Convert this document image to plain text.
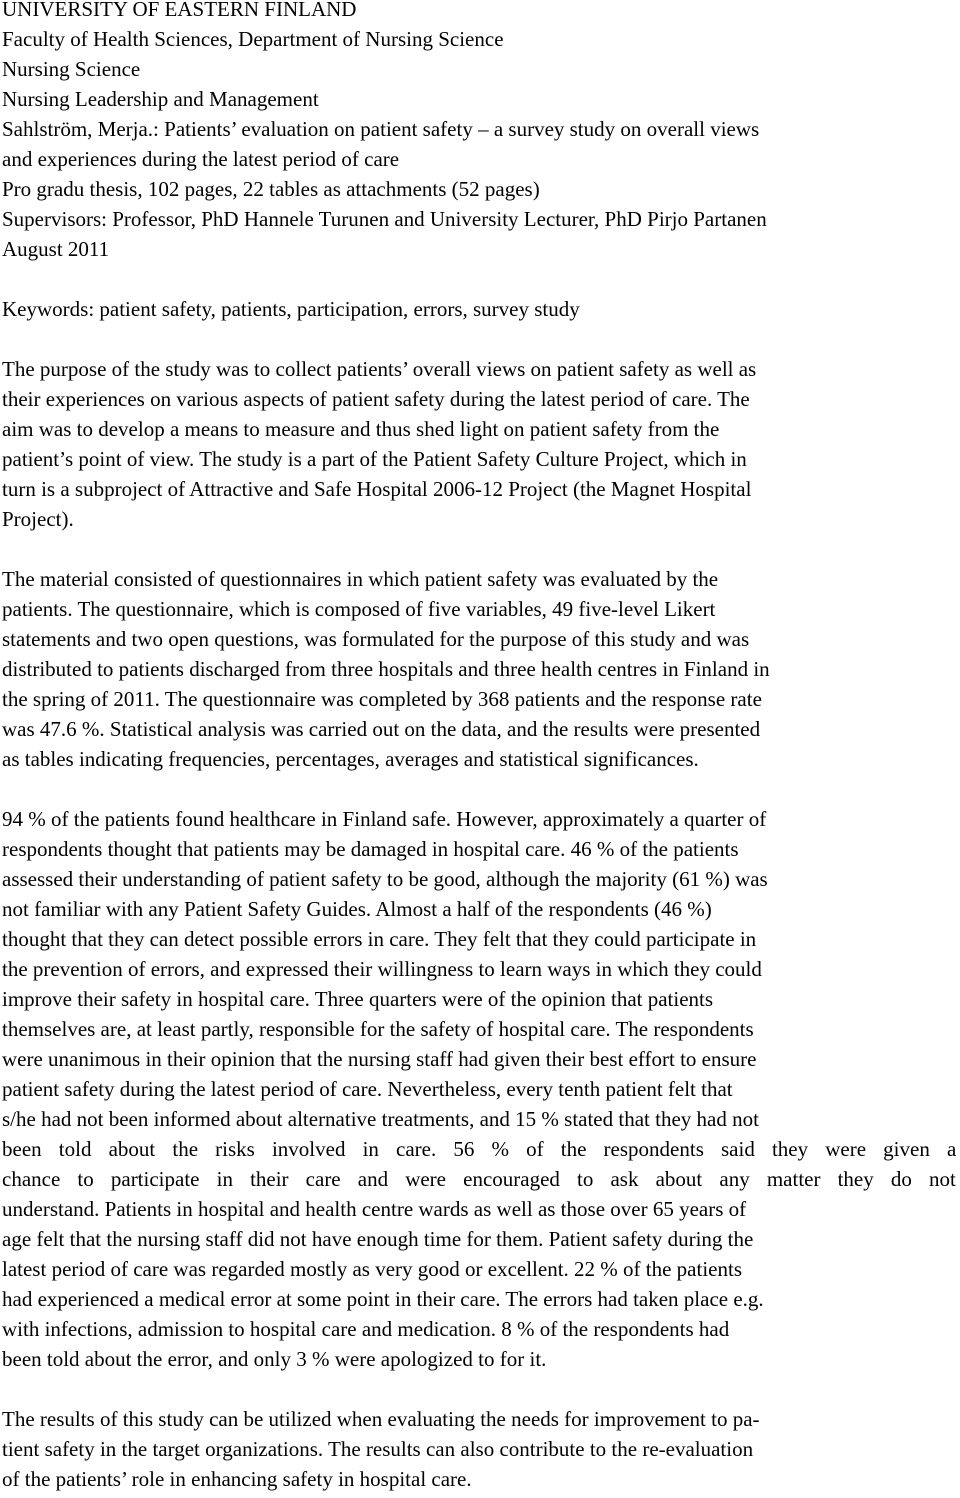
UNIVERSITY OF EASTERN FINLAND
Faculty of Health Sciences, Department of Nursing Science
Nursing Science
Nursing Leadership and Management
Sahlström, Merja.: Patients’ evaluation on patient safety – a survey study on overall views
and experiences during the latest period of care
Pro gradu thesis, 102 pages, 22 tables as attachments (52 pages)
Supervisors: Professor, PhD Hannele Turunen and University Lecturer, PhD Pirjo Partanen
August 2011
Keywords: patient safety, patients, participation, errors, survey study
The purpose of the study was to collect patients’ overall views on patient safety as well as
their experiences on various aspects of patient safety during the latest period of care. The
aim was to develop a means to measure and thus shed light on patient safety from the
patient’s point of view. The study is a part of the Patient Safety Culture Project, which in
turn is a subproject of Attractive and Safe Hospital 2006-12 Project (the Magnet Hospital
Project).
The material consisted of questionnaires in which patient safety was evaluated by the
patients. The questionnaire, which is composed of five variables, 49 five-level Likert
statements and two open questions, was formulated for the purpose of this study and was
distributed to patients discharged from three hospitals and three health centres in Finland in
the spring of 2011. The questionnaire was completed by 368 patients and the response rate
was 47.6 %. Statistical analysis was carried out on the data, and the results were presented
as tables indicating frequencies, percentages, averages and statistical significances.
94 % of the patients found healthcare in Finland safe. However, approximately a quarter of
respondents thought that patients may be damaged in hospital care. 46 % of the patients
assessed their understanding of patient safety to be good, although the majority (61 %) was
not familiar with any Patient Safety Guides. Almost a half of the respondents (46 %)
thought that they can detect possible errors in care. They felt that they could participate in
the prevention of errors, and expressed their willingness to learn ways in which they could
improve their safety in hospital care. Three quarters were of the opinion that patients
themselves are, at least partly, responsible for the safety of hospital care. The respondents
were unanimous in their opinion that the nursing staff had given their best effort to ensure
patient safety during the latest period of care. Nevertheless, every tenth patient felt that
s/he had not been informed about alternative treatments, and 15 % stated that they had not
been told about the risks involved in care. 56 % of the respondents said they were given a
chance to participate in their care and were encouraged to ask about any matter they do not
understand. Patients in hospital and health centre wards as well as those over 65 years of
age felt that the nursing staff did not have enough time for them. Patient safety during the
latest period of care was regarded mostly as very good or excellent. 22 % of the patients
had experienced a medical error at some point in their care. The errors had taken place e.g.
with infections, admission to hospital care and medication. 8 % of the respondents had
been told about the error, and only 3 % were apologized to for it.
The results of this study can be utilized when evaluating the needs for improvement to pa-
tient safety in the target organizations. The results can also contribute to the re-evaluation
of the patients’ role in enhancing safety in hospital care.
